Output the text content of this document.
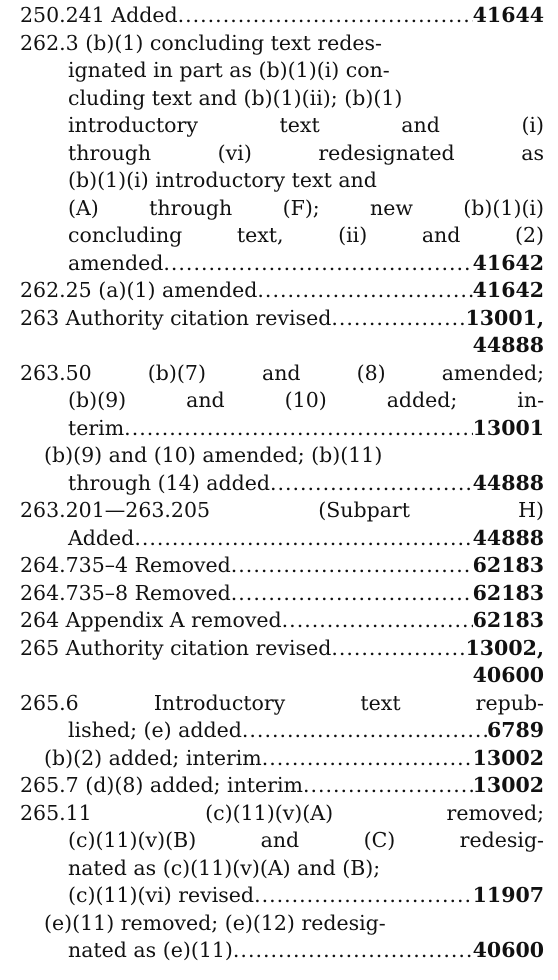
250.241 Added .....	41644
262.3 (b)(1) concluding text redes-
ignated in part as (b)(1)(i) con-
cluding text and (b)(1)(ii); (b)(1)
introductory text and (i)
through (vi) redesignated as
(b)(1)(i) introductory text and
(A) through (F); new (b)(1)(i)
concluding text, (ii) and (2)
amended .....	41642
262.25 (a)(1) amended .....	41642
263 Authority citation revised .....	13001,
44888
263.50 (b)(7) and (8) amended;
(b)(9) and (10) added; in-
terim .....	13001
(b)(9) and (10) amended; (b)(11)
through (14) added .....	44888
263.201—263.205 (Subpart H)
Added .....	44888
264.735–4 Removed .....	62183
264.735–8 Removed .....	62183
264 Appendix A removed .....	62183
265 Authority citation revised .....	13002,
40600
265.6 Introductory text repub-
lished; (e) added .....	6789
(b)(2) added; interim .....	13002
265.7 (d)(8) added; interim .....	13002
265.11 (c)(11)(v)(A) removed;
(c)(11)(v)(B) and (C) redesig-
nated as (c)(11)(v)(A) and (B);
(c)(11)(vi) revised .....	11907
(e)(11) removed; (e)(12) redesig-
nated as (e)(11) .....	40600
